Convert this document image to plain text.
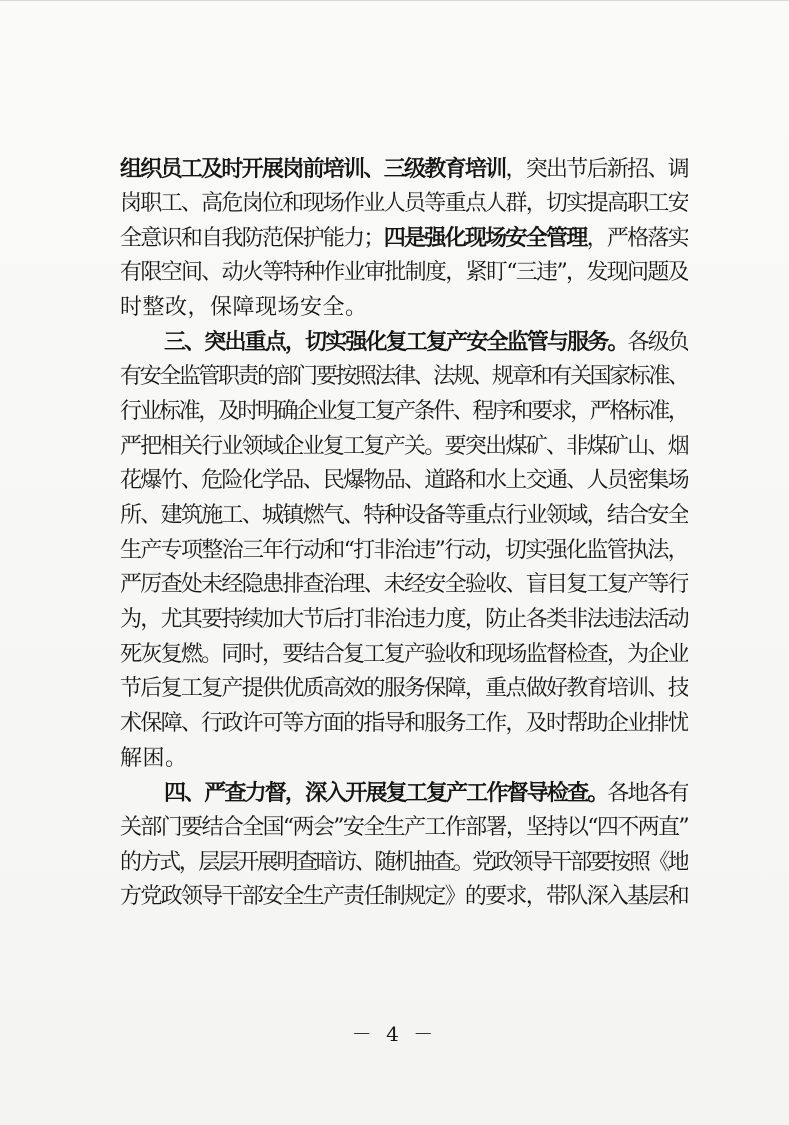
组织员工及时开展岗前培训、三级教育培训，突出节后新招、调
岗职工、高危岗位和现场作业人员等重点人群，切实提高职工安
全意识和自我防范保护能力；四是强化现场安全管理，严格落实
有限空间、动火等特种作业审批制度，紧盯“三违”，发现问题及
时整改，保障现场安全。
三、突出重点，切实强化复工复产安全监管与服务。各级负
有安全监管职责的部门要按照法律、法规、规章和有关国家标准、
行业标准，及时明确企业复工复产条件、程序和要求，严格标准，
严把相关行业领域企业复工复产关。要突出煤矿、非煤矿山、烟
花爆竹、危险化学品、民爆物品、道路和水上交通、人员密集场
所、建筑施工、城镇燃气、特种设备等重点行业领域，结合安全
生产专项整治三年行动和“打非治违”行动，切实强化监管执法，
严厉查处未经隐患排查治理、未经安全验收、盲目复工复产等行
为，尤其要持续加大节后打非治违力度，防止各类非法违法活动
死灰复燃。同时，要结合复工复产验收和现场监督检查，为企业
节后复工复产提供优质高效的服务保障，重点做好教育培训、技
术保障、行政许可等方面的指导和服务工作，及时帮助企业排忧
解困。
四、严查力督，深入开展复工复产工作督导检查。各地各有
关部门要结合全国“两会”安全生产工作部署，坚持以“四不两直”
的方式，层层开展明查暗访、随机抽查。党政领导干部要按照《地
方党政领导干部安全生产责任制规定》的要求，带队深入基层和
－ 4 －
